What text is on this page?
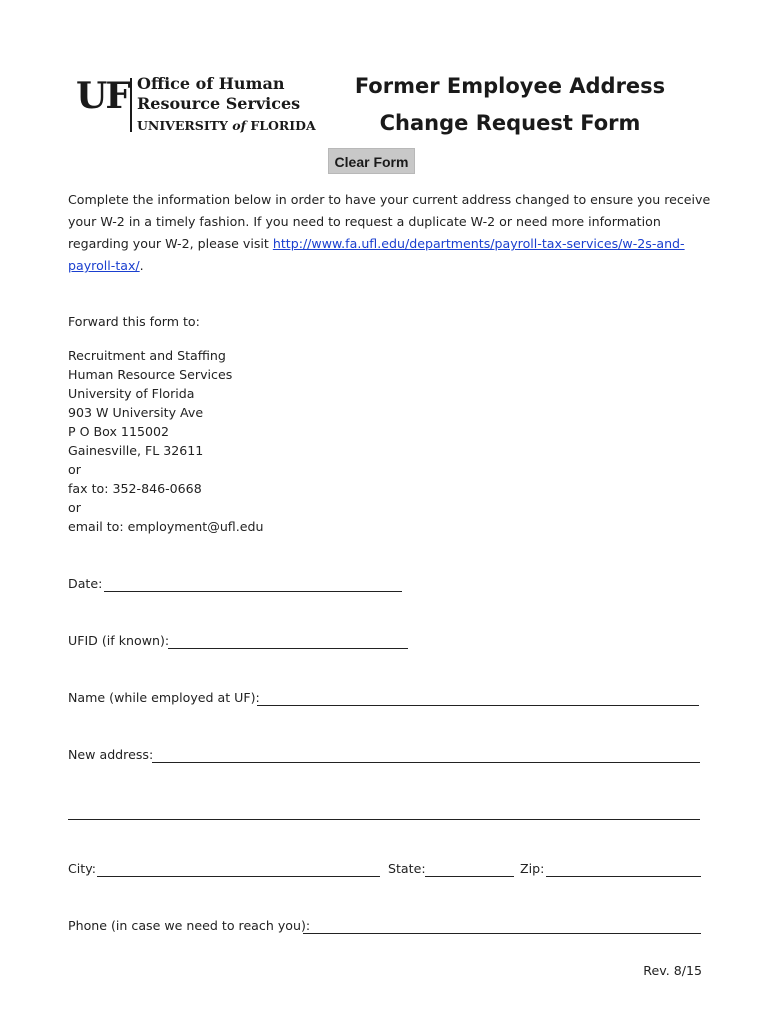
UF Office of Human
Resource Services
UNIVERSITY of FLORIDA
Former Employee Address
Change Request Form
Clear Form
Complete the information below in order to have your current address changed to ensure you receive
your W-2 in a timely fashion. If you need to request a duplicate W-2 or need more information
regarding your W-2, please visit http://www.fa.ufl.edu/departments/payroll-tax-services/w-2s-and-
payroll-tax/.
Forward this form to:
Recruitment and Staffing
Human Resource Services
University of Florida
903 W University Ave
P O Box 115002
Gainesville, FL 32611
or
fax to: 352-846-0668
or
email to: employment@ufl.edu
Date:
UFID (if known):
Name (while employed at UF):
New address:
City:	State:	Zip:
Phone (in case we need to reach you):
Rev. 8/15
